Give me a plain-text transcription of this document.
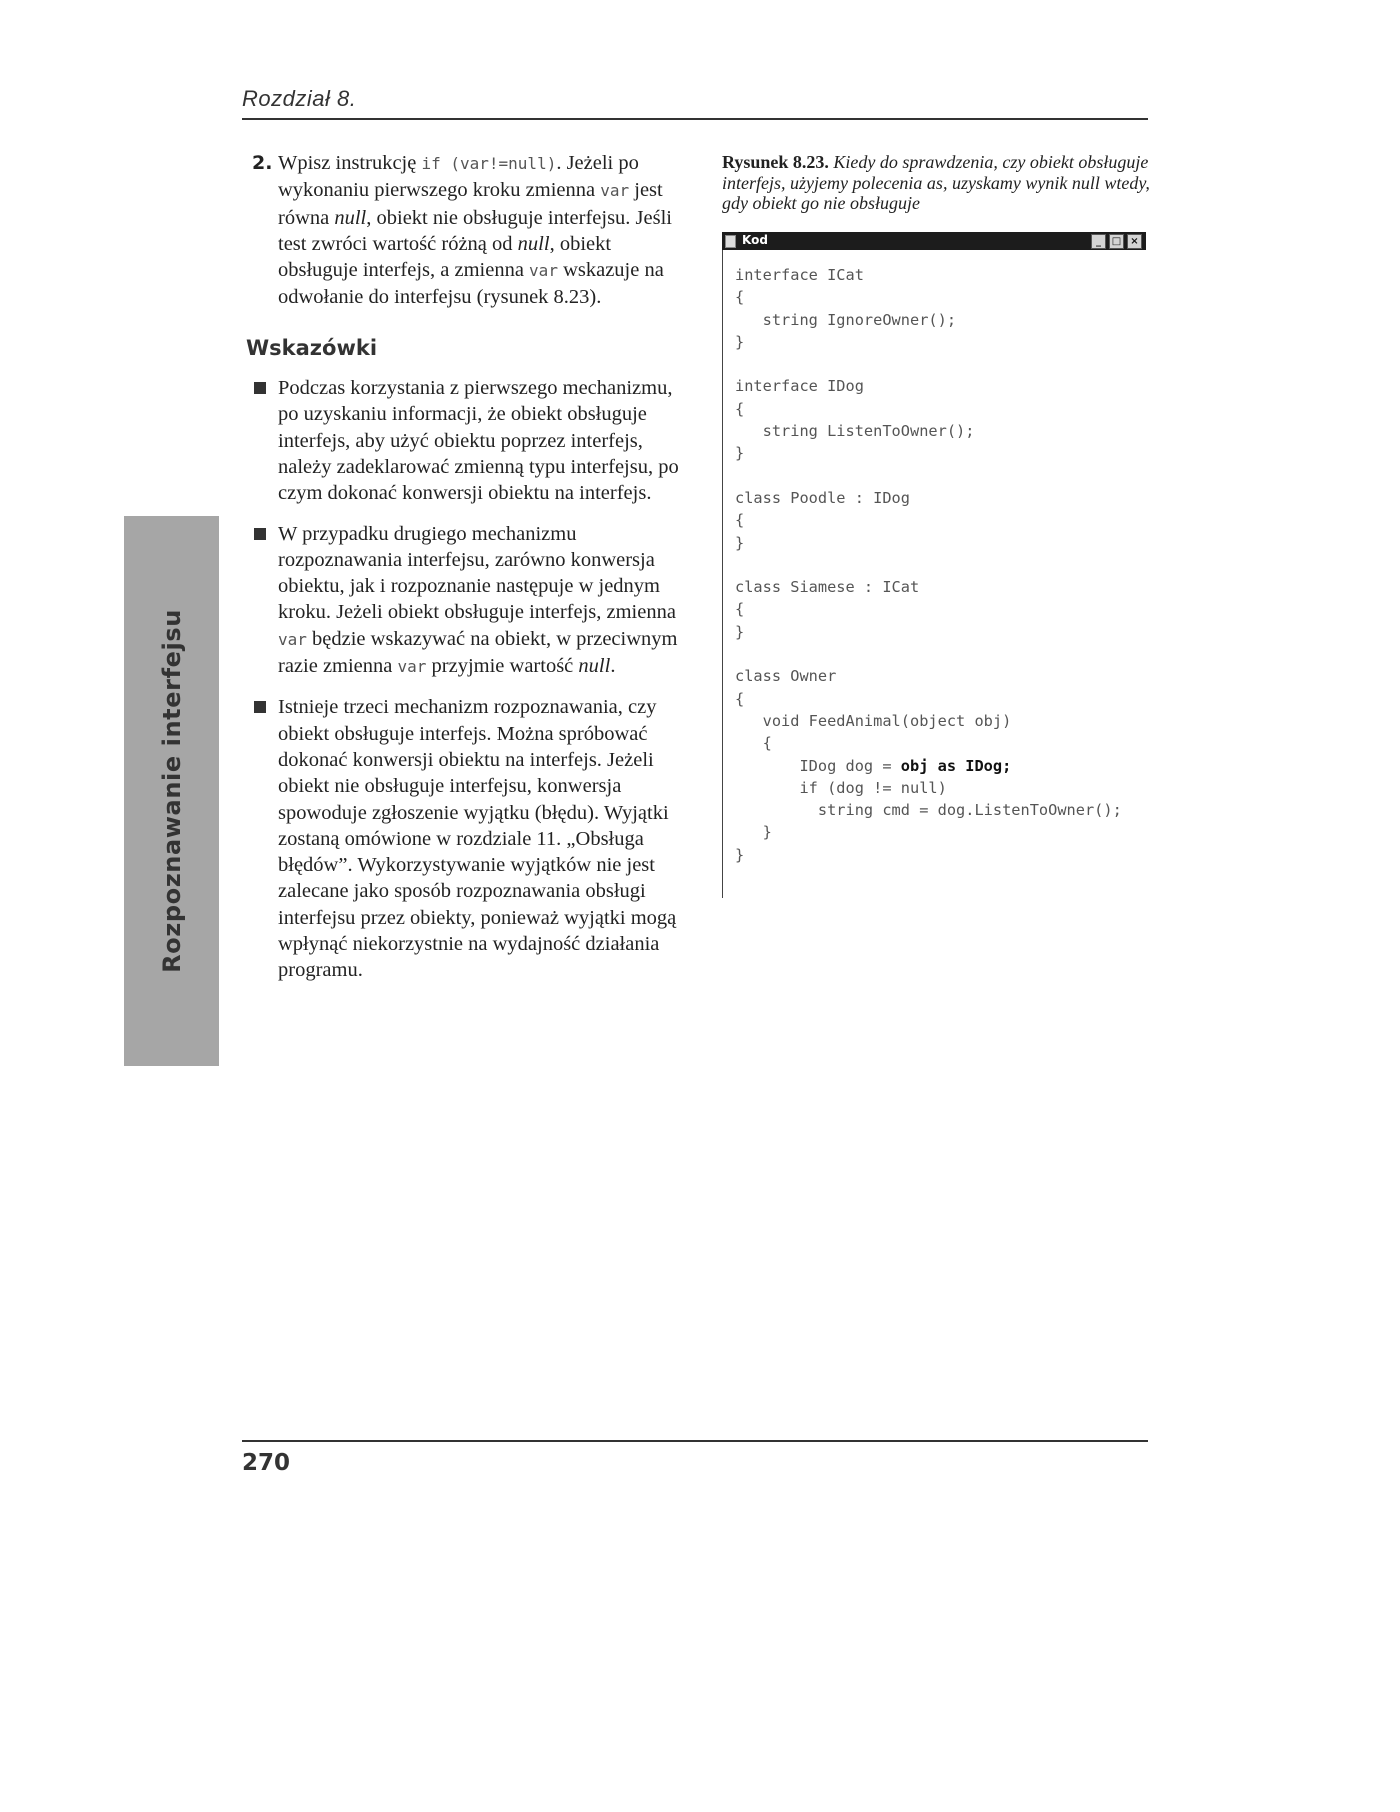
Rozdział 8.
Rozpoznawanie interfejsu

2. Wpisz instrukcję if (var!=null). Jeżeli po wykonaniu pierwszego kroku zmienna var jest równa null, obiekt nie obsługuje interfejsu. Jeśli test zwróci wartość różną od null, obiekt obsługuje interfejs, a zmienna var wskazuje na odwołanie do interfejsu (rysunek 8.23).

Wskazówki

Podczas korzystania z pierwszego mechanizmu, po uzyskaniu informacji, że obiekt obsługuje interfejs, aby użyć obiektu poprzez interfejs, należy zadeklarować zmienną typu interfejsu, po czym dokonać konwersji obiektu na interfejs.

W przypadku drugiego mechanizmu rozpoznawania interfejsu, zarówno konwersja obiektu, jak i rozpoznanie następuje w jednym kroku. Jeżeli obiekt obsługuje interfejs, zmienna var będzie wskazywać na obiekt, w przeciwnym razie zmienna var przyjmie wartość null.

Istnieje trzeci mechanizm rozpoznawania, czy obiekt obsługuje interfejs. Można spróbować dokonać konwersji obiektu na interfejs. Jeżeli obiekt nie obsługuje interfejsu, konwersja spowoduje zgłoszenie wyjątku (błędu). Wyjątki zostaną omówione w rozdziale 11. „Obsługa błędów”. Wykorzystywanie wyjątków nie jest zalecane jako sposób rozpoznawania obsługi interfejsu przez obiekty, ponieważ wyjątki mogą wpłynąć niekorzystnie na wydajność działania programu.

Rysunek 8.23. Kiedy do sprawdzenia, czy obiekt obsługuje interfejs, użyjemy polecenia as, uzyskamy wynik null wtedy, gdy obiekt go nie obsługuje

Kod	_	□ ×
interface ICat
{
string IgnoreOwner();
}

interface IDog
{
string ListenToOwner();
}

class Poodle : IDog
{
}

class Siamese : ICat
{
}

class Owner
{
void FeedAnimal(object obj)
{
IDog dog = obj as IDog;
if (dog != null)
string cmd = dog.ListenToOwner();
}
}
270
